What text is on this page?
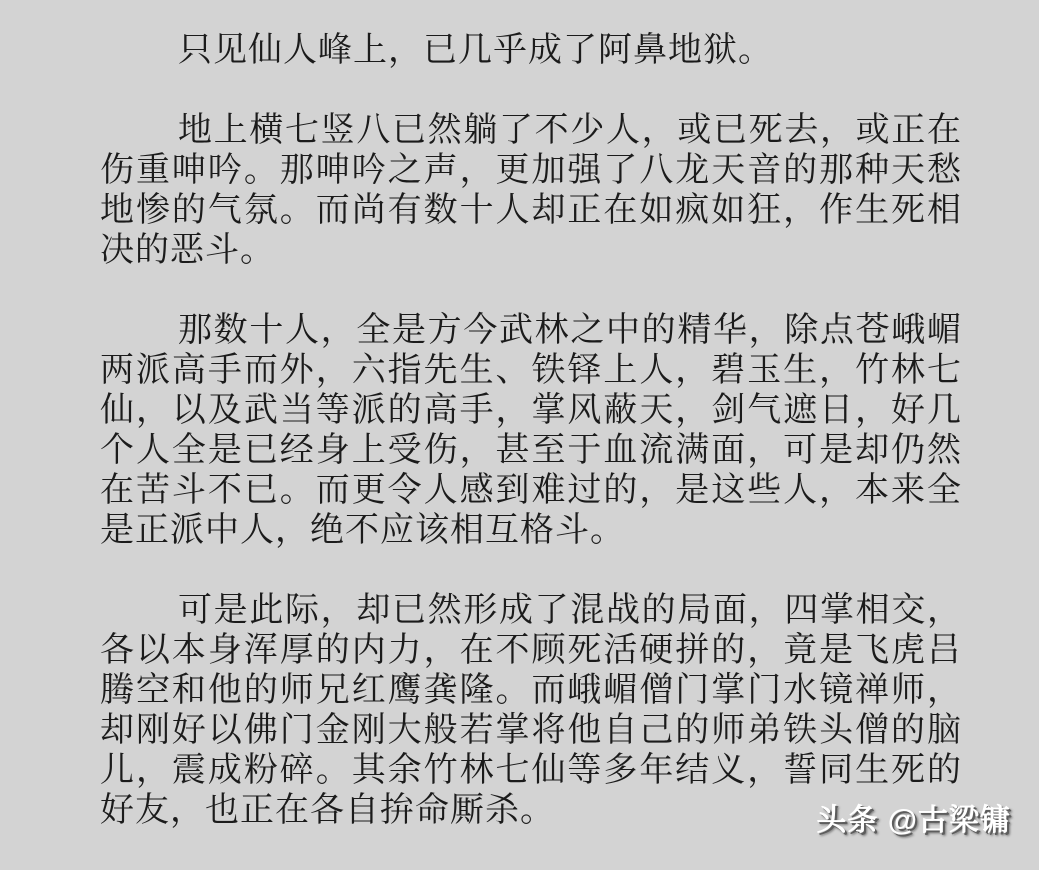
只见仙人峰上，已几乎成了阿鼻地狱。

地上横七竖八已然躺了不少人，或已死去，或正在伤重呻吟。那呻吟之声，更加强了八龙天音的那种天愁地惨的气氛。而尚有数十人却正在如疯如狂，作生死相决的恶斗。

那数十人，全是方今武林之中的精华，除点苍峨嵋两派高手而外，六指先生、铁铎上人，碧玉生，竹林七仙，以及武当等派的高手，掌风蔽天，剑气遮日，好几个人全是已经身上受伤，甚至于血流满面，可是却仍然在苦斗不已。而更令人感到难过的，是这些人，本来全是正派中人，绝不应该相互格斗。

可是此际，却已然形成了混战的局面，四掌相交，各以本身浑厚的内力，在不顾死活硬拼的，竟是飞虎吕腾空和他的师兄红鹰龚隆。而峨嵋僧门掌门水镜禅师，却刚好以佛门金刚大般若掌将他自己的师弟铁头僧的脑儿，震成粉碎。其余竹林七仙等多年结义，誓同生死的好友，也正在各自拚命厮杀。	头条 @古梁镛
